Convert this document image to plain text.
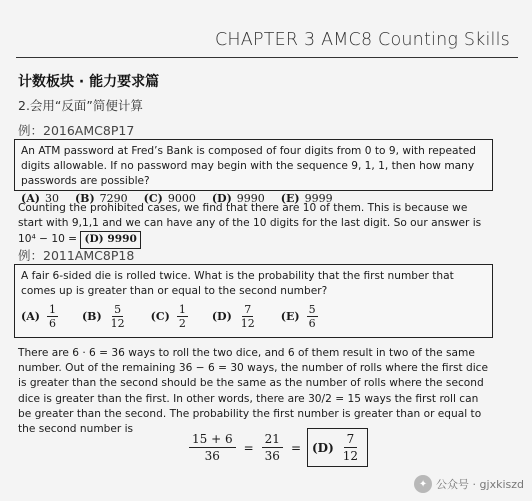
CHAPTER 3 AMC8 Counting Skills
计数板块 · 能力要求篇
2.会用“反面”简便计算
例：2016AMC8P17
An ATM password at Fred’s Bank is composed of four digits from 0 to 9, with repeated digits allowable. If no password may begin with the sequence 9, 1, 1, then how many passwords are possible?
(A) 30 (B) 7290 (C) 9000 (D) 9990 (E) 9999
Counting the prohibited cases, we find that there are 10 of them. This is because we start with 9,1,1 and we can have any of the 10 digits for the last digit. So our answer is 10⁴ − 10 = (D) 9990
例：2011AMC8P18
A fair 6-sided die is rolled twice. What is the probability that the first number that comes up is greater than or equal to the second number?
$(A) \frac{1}{6} (B) \frac{5}{12} (C) \frac{1}{2} (D) \frac{7}{12} (E) \frac{5}{6}$
There are 6 · 6 = 36 ways to roll the two dice, and 6 of them result in two of the same number. Out of the remaining 36 − 6 = 30 ways, the number of rolls where the first dice is greater than the second should be the same as the number of rolls where the second dice is greater than the first. In other words, there are 30/2 = 15 ways the first roll can be greater than the second. The probability the first number is greater than or equal to the second number is
$\frac{15 + 6}{36} = \frac{21}{36} = (D) \frac{7}{12}$
✦ 公众号 · gjxkiszd
